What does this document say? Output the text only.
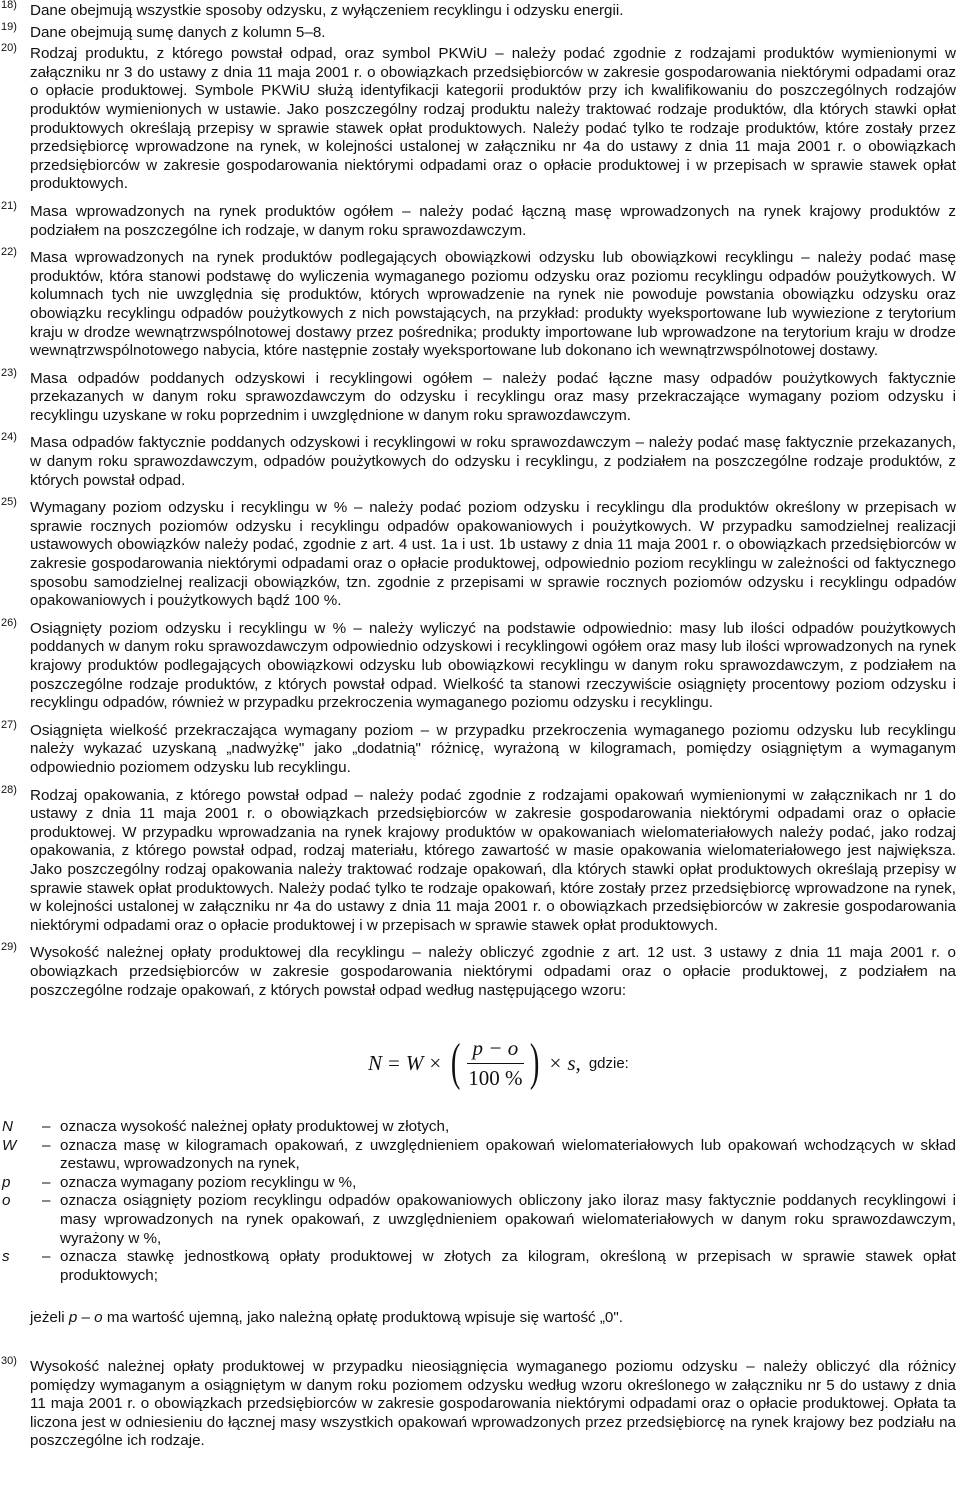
18) Dane obejmują wszystkie sposoby odzysku, z wyłączeniem recyklingu i odzysku energii.
19) Dane obejmują sumę danych z kolumn 5–8.
20) Rodzaj produktu, z którego powstał odpad, oraz symbol PKWiU – należy podać zgodnie z rodzajami produktów wymienionymi w załączniku nr 3 do ustawy z dnia 11 maja 2001 r. o obowiązkach przedsiębiorców w zakresie gospodarowania niektórymi odpadami oraz o opłacie produktowej. Symbole PKWiU służą identyfikacji kategorii produktów przy ich kwalifikowaniu do poszczególnych rodzajów produktów wymienionych w ustawie. Jako poszczególny rodzaj produktu należy traktować rodzaje produktów, dla których stawki opłat produktowych określają przepisy w sprawie stawek opłat produktowych. Należy podać tylko te rodzaje produktów, które zostały przez przedsiębiorcę wprowadzone na rynek, w kolejności ustalonej w załączniku nr 4a do ustawy z dnia 11 maja 2001 r. o obowiązkach przedsiębiorców w zakresie gospodarowania niektórymi odpadami oraz o opłacie produktowej i w przepisach w sprawie stawek opłat produktowych.
21) Masa wprowadzonych na rynek produktów ogółem – należy podać łączną masę wprowadzonych na rynek krajowy produktów z podziałem na poszczególne ich rodzaje, w danym roku sprawozdawczym.
22) Masa wprowadzonych na rynek produktów podlegających obowiązkowi odzysku lub obowiązkowi recyklingu – należy podać masę produktów, która stanowi podstawę do wyliczenia wymaganego poziomu odzysku oraz poziomu recyklingu odpadów poużytkowych. W kolumnach tych nie uwzględnia się produktów, których wprowadzenie na rynek nie powoduje powstania obowiązku odzysku oraz obowiązku recyklingu odpadów poużytkowych z nich powstających, na przykład: produkty wyeksportowane lub wywiezione z terytorium kraju w drodze wewnątrzwspólnotowej dostawy przez pośrednika; produkty importowane lub wprowadzone na terytorium kraju w drodze wewnątrzwspólnotowego nabycia, które następnie zostały wyeksportowane lub dokonano ich wewnątrzwspólnotowej dostawy.
23) Masa odpadów poddanych odzyskowi i recyklingowi ogółem – należy podać łączne masy odpadów poużytkowych faktycznie przekazanych w danym roku sprawozdawczym do odzysku i recyklingu oraz masy przekraczające wymagany poziom odzysku i recyklingu uzyskane w roku poprzednim i uwzględnione w danym roku sprawozdawczym.
24) Masa odpadów faktycznie poddanych odzyskowi i recyklingowi w roku sprawozdawczym – należy podać masę faktycznie przekazanych, w danym roku sprawozdawczym, odpadów poużytkowych do odzysku i recyklingu, z podziałem na poszczególne rodzaje produktów, z których powstał odpad.
25) Wymagany poziom odzysku i recyklingu w % – należy podać poziom odzysku i recyklingu dla produktów określony w przepisach w sprawie rocznych poziomów odzysku i recyklingu odpadów opakowaniowych i poużytkowych. W przypadku samodzielnej realizacji ustawowych obowiązków należy podać, zgodnie z art. 4 ust. 1a i ust. 1b ustawy z dnia 11 maja 2001 r. o obowiązkach przedsiębiorców w zakresie gospodarowania niektórymi odpadami oraz o opłacie produktowej, odpowiednio poziom recyklingu w zależności od faktycznego sposobu samodzielnej realizacji obowiązków, tzn. zgodnie z przepisami w sprawie rocznych poziomów odzysku i recyklingu odpadów opakowaniowych i poużytkowych bądź 100 %.
26) Osiągnięty poziom odzysku i recyklingu w % – należy wyliczyć na podstawie odpowiednio: masy lub ilości odpadów poużytkowych poddanych w danym roku sprawozdawczym odpowiednio odzyskowi i recyklingowi ogółem oraz masy lub ilości wprowadzonych na rynek krajowy produktów podlegających obowiązkowi odzysku lub obowiązkowi recyklingu w danym roku sprawozdawczym, z podziałem na poszczególne rodzaje produktów, z których powstał odpad. Wielkość ta stanowi rzeczywiście osiągnięty procentowy poziom odzysku i recyklingu odpadów, również w przypadku przekroczenia wymaganego poziomu odzysku i recyklingu.
27) Osiągnięta wielkość przekraczająca wymagany poziom – w przypadku przekroczenia wymaganego poziomu odzysku lub recyklingu należy wykazać uzyskaną „nadwyżkę" jako „dodatnią" różnicę, wyrażoną w kilogramach, pomiędzy osiągniętym a wymaganym odpowiednio poziomem odzysku lub recyklingu.
28) Rodzaj opakowania, z którego powstał odpad – należy podać zgodnie z rodzajami opakowań wymienionymi w załącznikach nr 1 do ustawy z dnia 11 maja 2001 r. o obowiązkach przedsiębiorców w zakresie gospodarowania niektórymi odpadami oraz o opłacie produktowej. W przypadku wprowadzania na rynek krajowy produktów w opakowaniach wielomateriałowych należy podać, jako rodzaj opakowania, z którego powstał odpad, rodzaj materiału, którego zawartość w masie opakowania wielomateriałowego jest największa. Jako poszczególny rodzaj opakowania należy traktować rodzaje opakowań, dla których stawki opłat produktowych określają przepisy w sprawie stawek opłat produktowych. Należy podać tylko te rodzaje opakowań, które zostały przez przedsiębiorcę wprowadzone na rynek, w kolejności ustalonej w załączniku nr 4a do ustawy z dnia 11 maja 2001 r. o obowiązkach przedsiębiorców w zakresie gospodarowania niektórymi odpadami oraz o opłacie produktowej i w przepisach w sprawie stawek opłat produktowych.
29) Wysokość należnej opłaty produktowej dla recyklingu – należy obliczyć zgodnie z art. 12 ust. 3 ustawy z dnia 11 maja 2001 r. o obowiązkach przedsiębiorców w zakresie gospodarowania niektórymi odpadami oraz o opłacie produktowej, z podziałem na poszczególne rodzaje opakowań, z których powstał odpad według następującego wzoru:
N = W × ( $\frac{p - o}{100 \%}$ ) × s, gdzie:
N	– oznacza wysokość należnej opłaty produktowej w złotych,
W	– oznacza masę w kilogramach opakowań, z uwzględnieniem opakowań wielomateriałowych lub opakowań wchodzących w skład zestawu, wprowadzonych na rynek,
p	– oznacza wymagany poziom recyklingu w %,
o	– oznacza osiągnięty poziom recyklingu odpadów opakowaniowych obliczony jako iloraz masy faktycznie poddanych recyklingowi i masy wprowadzonych na rynek opakowań, z uwzględnieniem opakowań wielomateriałowych w danym roku sprawozdawczym, wyrażony w %,
s	– oznacza stawkę jednostkową opłaty produktowej w złotych za kilogram, określoną w przepisach w sprawie stawek opłat produktowych;
jeżeli p – o ma wartość ujemną, jako należną opłatę produktową wpisuje się wartość „0".
30) Wysokość należnej opłaty produktowej w przypadku nieosiągnięcia wymaganego poziomu odzysku – należy obliczyć dla różnicy pomiędzy wymaganym a osiągniętym w danym roku poziomem odzysku według wzoru określonego w załączniku nr 5 do ustawy z dnia 11 maja 2001 r. o obowiązkach przedsiębiorców w zakresie gospodarowania niektórymi odpadami oraz o opłacie produktowej. Opłata ta liczona jest w odniesieniu do łącznej masy wszystkich opakowań wprowadzonych przez przedsiębiorcę na rynek krajowy bez podziału na poszczególne ich rodzaje.
